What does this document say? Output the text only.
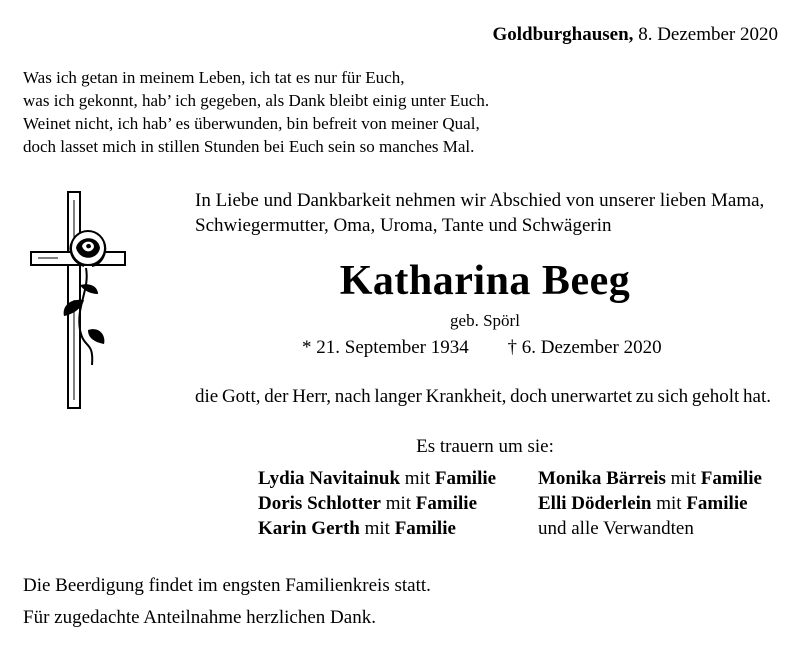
Goldburghausen, 8. Dezember 2020
Was ich getan in meinem Leben, ich tat es nur für Euch,
was ich gekonnt, hab’ ich gegeben, als Dank bleibt einig unter Euch.
Weinet nicht, ich hab’ es überwunden, bin befreit von meiner Qual,
doch lasset mich in stillen Stunden bei Euch sein so manches Mal.
In Liebe und Dankbarkeit nehmen wir Abschied von unserer lieben Mama,
Schwiegermutter, Oma, Uroma, Tante und Schwägerin
Katharina Beeg
geb. Spörl
* 21. September 1934 † 6. Dezember 2020
die Gott, der Herr, nach langer Krankheit, doch unerwartet zu sich geholt hat.
Es trauern um sie:
Lydia Navitainuk mit Familie
Doris Schlotter mit Familie
Karin Gerth mit Familie
Monika Bärreis mit Familie
Elli Döderlein mit Familie
und alle Verwandten
Die Beerdigung findet im engsten Familienkreis statt.
Für zugedachte Anteilnahme herzlichen Dank.
